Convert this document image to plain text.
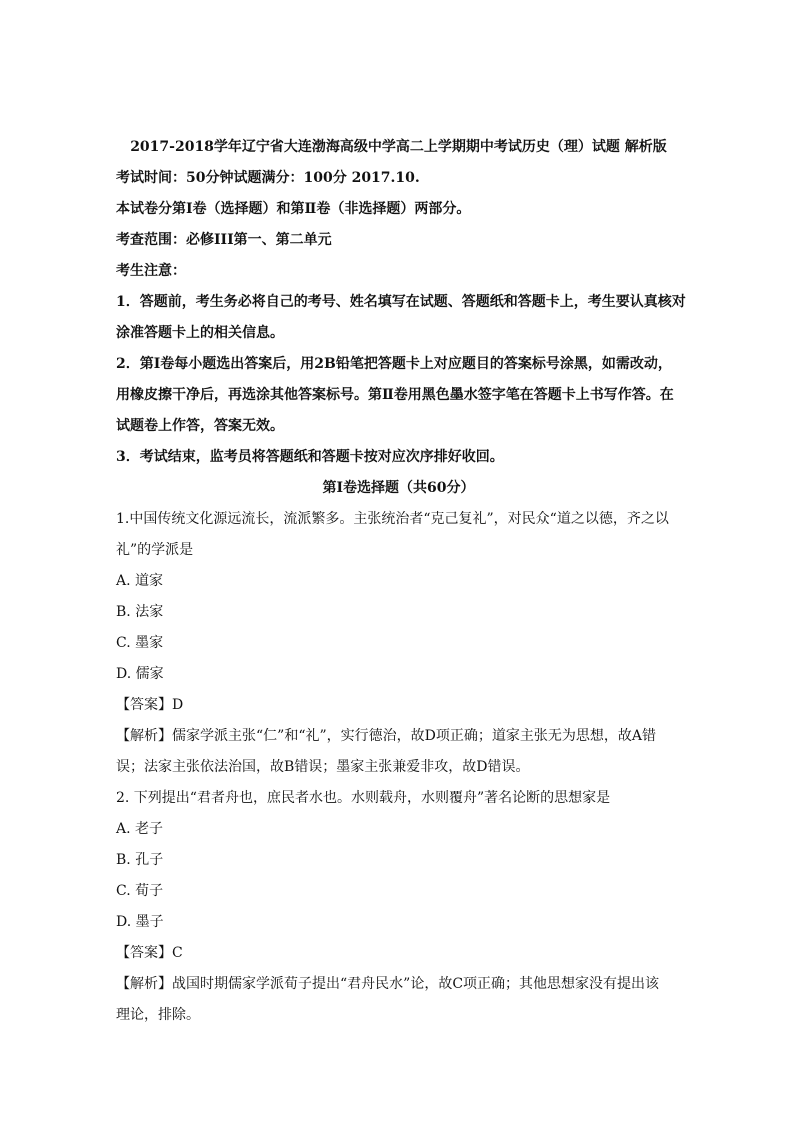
2017-2018学年辽宁省大连渤海高级中学高二上学期期中考试历史（理）试题 解析版
考试时间：50分钟试题满分：100分 2017.10.
本试卷分第Ⅰ卷（选择题）和第Ⅱ卷（非选择题）两部分。
考查范围：必修III第一、第二单元
考生注意：
1．答题前，考生务必将自己的考号、姓名填写在试题、答题纸和答题卡上，考生要认真核对
涂准答题卡上的相关信息。
2．第Ⅰ卷每小题选出答案后，用2B铅笔把答题卡上对应题目的答案标号涂黑，如需改动，
用橡皮擦干净后，再选涂其他答案标号。第Ⅱ卷用黑色墨水签字笔在答题卡上书写作答。在
试题卷上作答，答案无效。
3．考试结束，监考员将答题纸和答题卡按对应次序排好收回。
第Ⅰ卷选择题（共60分）
1.中国传统文化源远流长，流派繁多。主张统治者“克己复礼”，对民众“道之以德，齐之以
礼”的学派是
A. 道家
B. 法家
C. 墨家
D. 儒家
【答案】D
【解析】儒家学派主张“仁”和“礼”，实行德治，故D项正确；道家主张无为思想，故A错
误；法家主张依法治国，故B错误；墨家主张兼爱非攻，故D错误。
2. 下列提出“君者舟也，庶民者水也。水则载舟，水则覆舟”著名论断的思想家是
A. 老子
B. 孔子
C. 荀子
D. 墨子
【答案】C
【解析】战国时期儒家学派荀子提出“君舟民水”论，故C项正确；其他思想家没有提出该
理论，排除。
